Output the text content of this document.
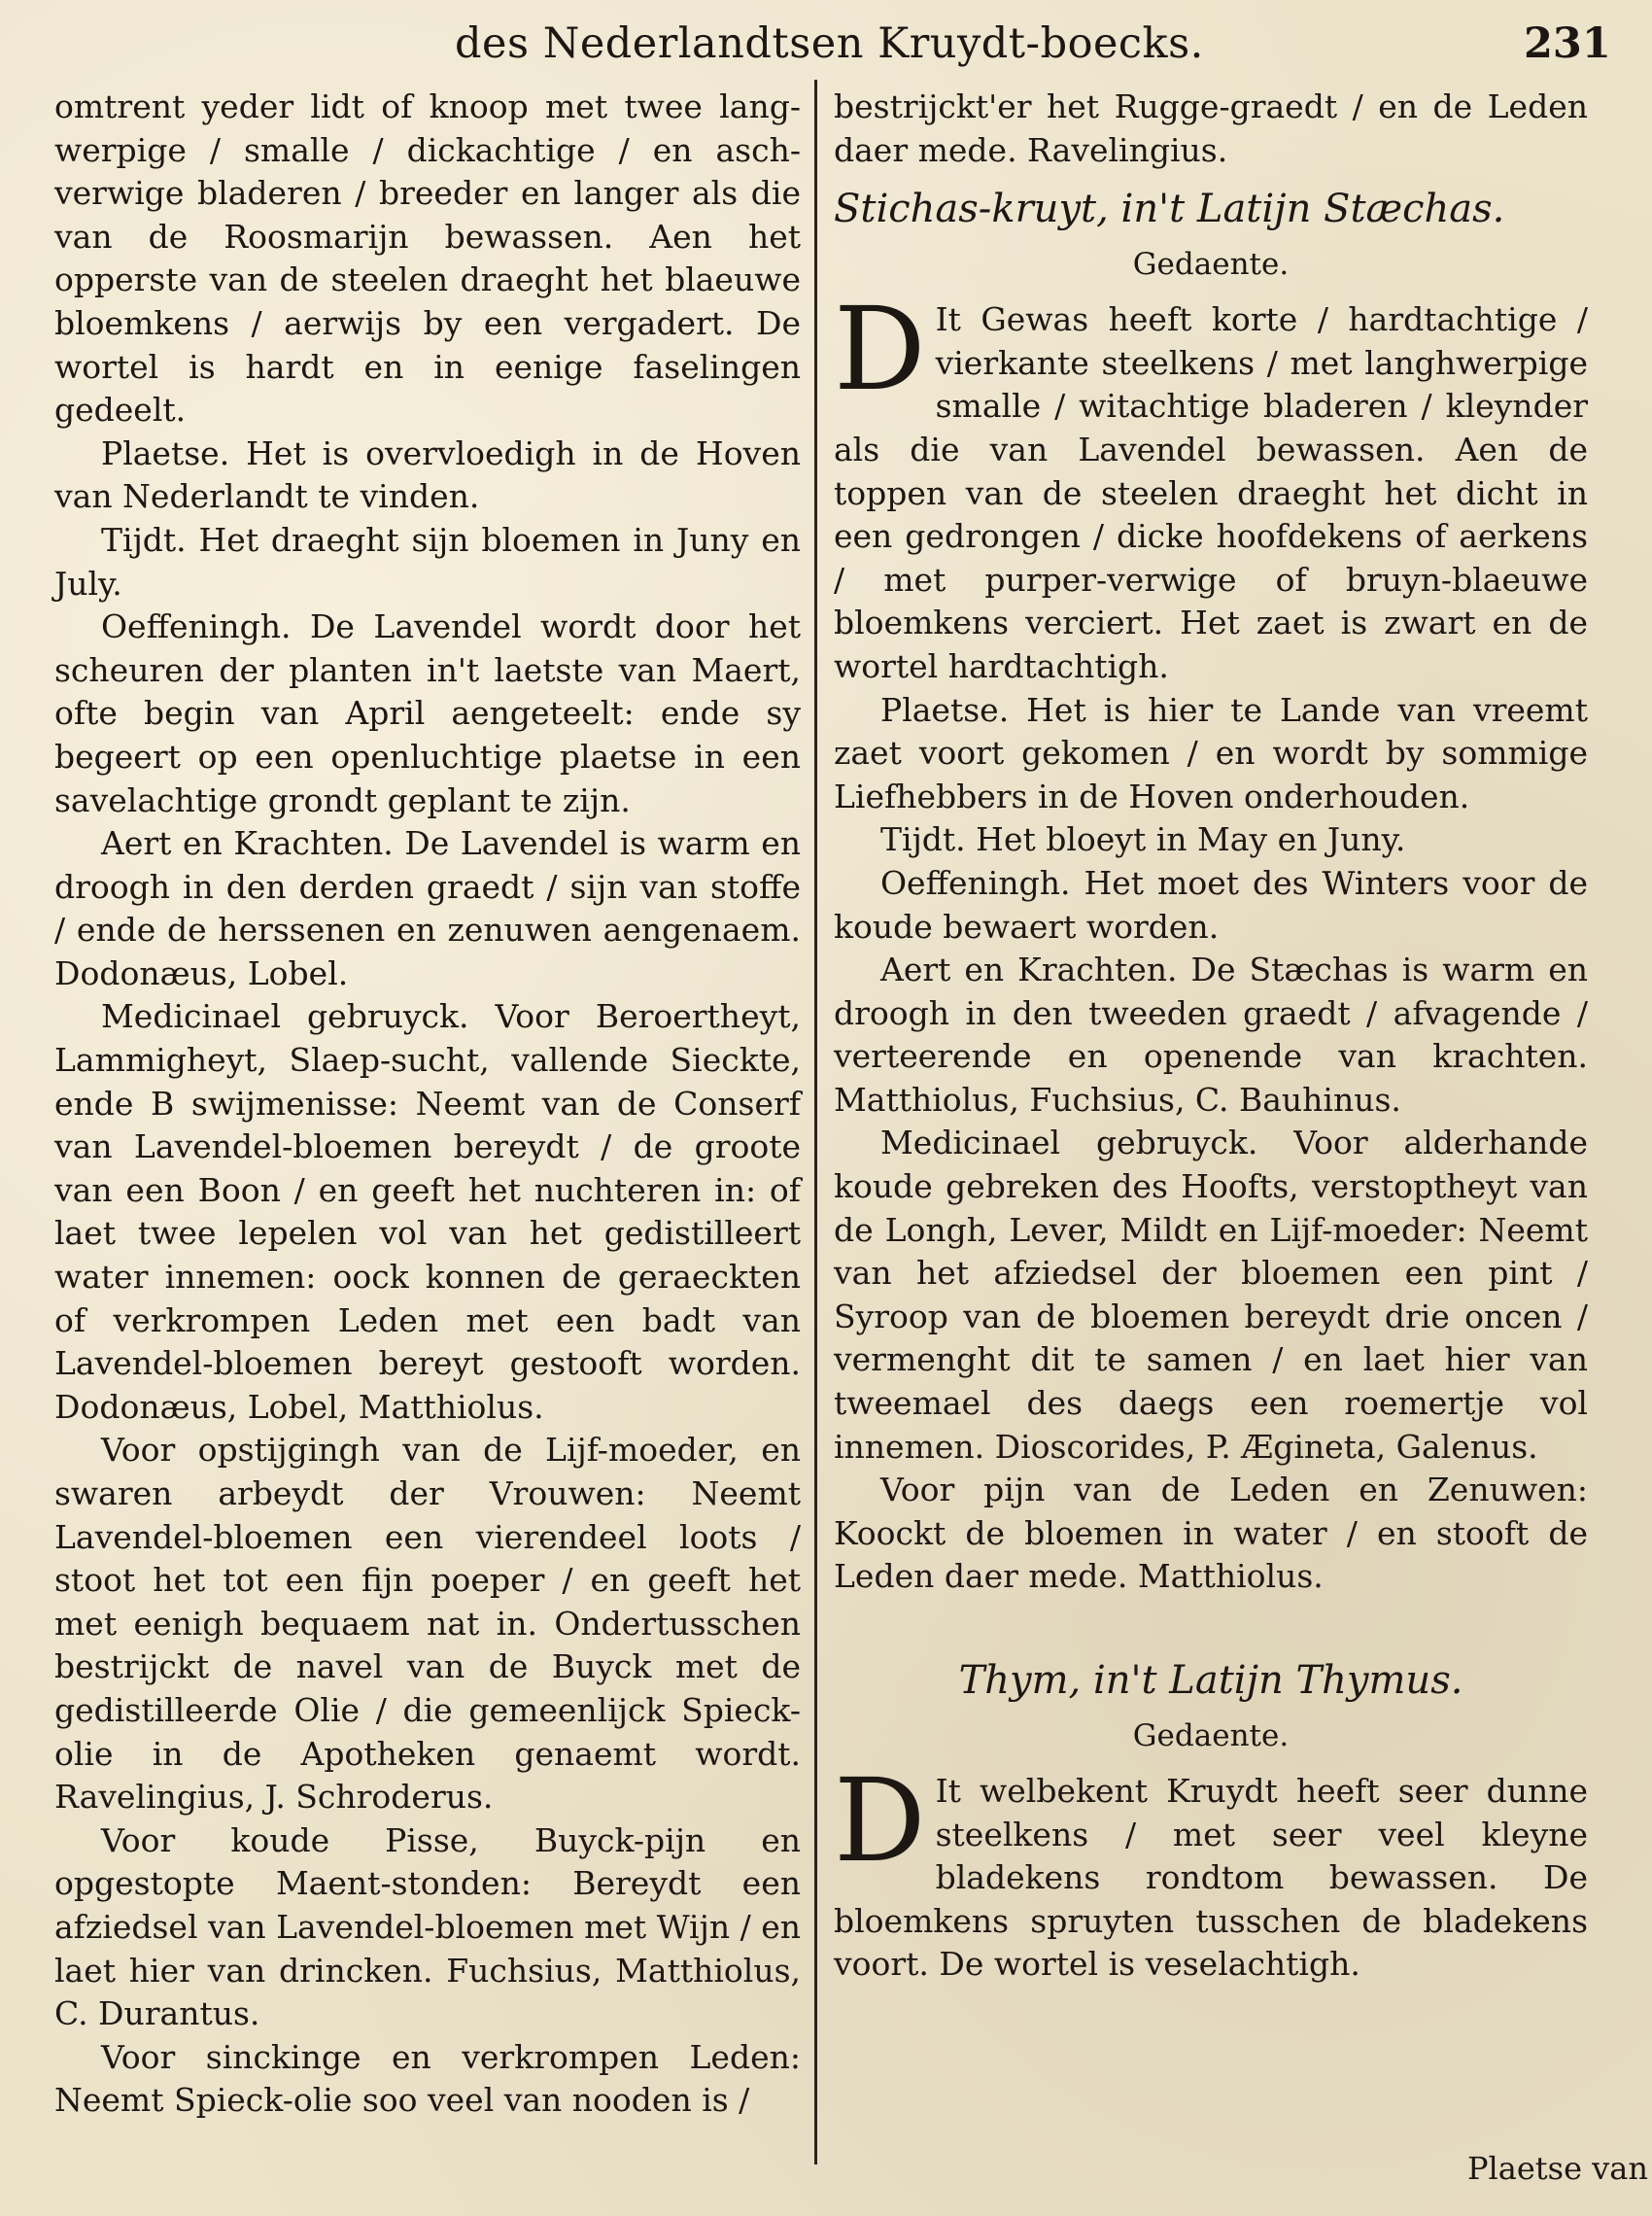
des Nederlandtsen Kruydt-boecks.	231

omtrent yeder lidt of knoop met twee lang-werpige / smalle / dickachtige / en asch-verwige bladeren / breeder en langer als die van de Roosmarijn bewassen. Aen het opperste van de steelen draeght het blaeuwe bloemkens / aerwijs by een vergadert. De wortel is hardt en in eenige faselingen gedeelt.

Plaetse. Het is overvloedigh in de Hoven van Nederlandt te vinden.

Tijdt. Het draeght sijn bloemen in Juny en July.

Oeffeningh. De Lavendel wordt door het scheuren der planten in't laetste van Maert, ofte begin van April aengeteelt: ende sy begeert op een openluchtige plaetse in een savelachtige grondt geplant te zijn.

Aert en Krachten. De Lavendel is warm en droogh in den derden graedt / sijn van stoffe / ende de herssenen en zenuwen aengenaem. Dodonæus, Lobel.

Medicinael gebruyck. Voor Beroertheyt, Lammigheyt, Slaep-sucht, vallende Sieckte, ende B swijmenisse: Neemt van de Conserf van Lavendel-bloemen bereydt / de groote van een Boon / en geeft het nuchteren in: of laet twee lepelen vol van het gedistilleert water innemen: oock konnen de geraeckten of verkrompen Leden met een badt van Lavendel-bloemen bereyt gestooft worden. Dodonæus, Lobel, Matthiolus.

Voor opstijgingh van de Lijf-moeder, en swaren arbeydt der Vrouwen: Neemt Lavendel-bloemen een vierendeel loots / stoot het tot een fijn poeper / en geeft het met eenigh bequaem nat in. Ondertusschen bestrijckt de navel van de Buyck met de gedistilleerde Olie / die gemeenlijck Spieck-olie in de Apotheken genaemt wordt. Ravelingius, J. Schroderus.

Voor koude Pisse, Buyck-pijn en opgestopte Maent-stonden: Bereydt een afziedsel van Lavendel-bloemen met Wijn / en laet hier van drincken. Fuchsius, Matthiolus, C. Durantus.

Voor sinckinge en verkrompen Leden: Neemt Spieck-olie soo veel van nooden is /

bestrijckt'er het Rugge-graedt / en de Leden daer mede. Ravelingius.

Stichas-kruyt, in't Latijn Stæchas.
Gedaente.

D It Gewas heeft korte / hardtachtige / vierkante steelkens / met langhwerpige smalle / witachtige bladeren / kleynder als die van Lavendel bewassen. Aen de toppen van de steelen draeght het dicht in een gedrongen / dicke hoofdekens of aerkens / met purper-verwige of bruyn-blaeuwe bloemkens verciert. Het zaet is zwart en de wortel hardtachtigh.

Plaetse. Het is hier te Lande van vreemt zaet voort gekomen / en wordt by sommige Liefhebbers in de Hoven onderhouden.

Tijdt. Het bloeyt in May en Juny.

Oeffeningh. Het moet des Winters voor de koude bewaert worden.

Aert en Krachten. De Stæchas is warm en droogh in den tweeden graedt / afvagende / verteerende en openende van krachten. Matthiolus, Fuchsius, C. Bauhinus.

Medicinael gebruyck. Voor alderhande koude gebreken des Hoofts, verstoptheyt van de Longh, Lever, Mildt en Lijf-moeder: Neemt van het afziedsel der bloemen een pint / Syroop van de bloemen bereydt drie oncen / vermenght dit te samen / en laet hier van tweemael des daegs een roemertje vol innemen. Dioscorides, P. Ægineta, Galenus.

Voor pijn van de Leden en Zenuwen: Koockt de bloemen in water / en stooft de Leden daer mede. Matthiolus.

Thym, in't Latijn Thymus.
Gedaente.

D It welbekent Kruydt heeft seer dunne steelkens / met seer veel kleyne bladekens rondtom bewassen. De bloemkens spruyten tusschen de bladekens voort. De wortel is veselachtigh.

Plaetse van
